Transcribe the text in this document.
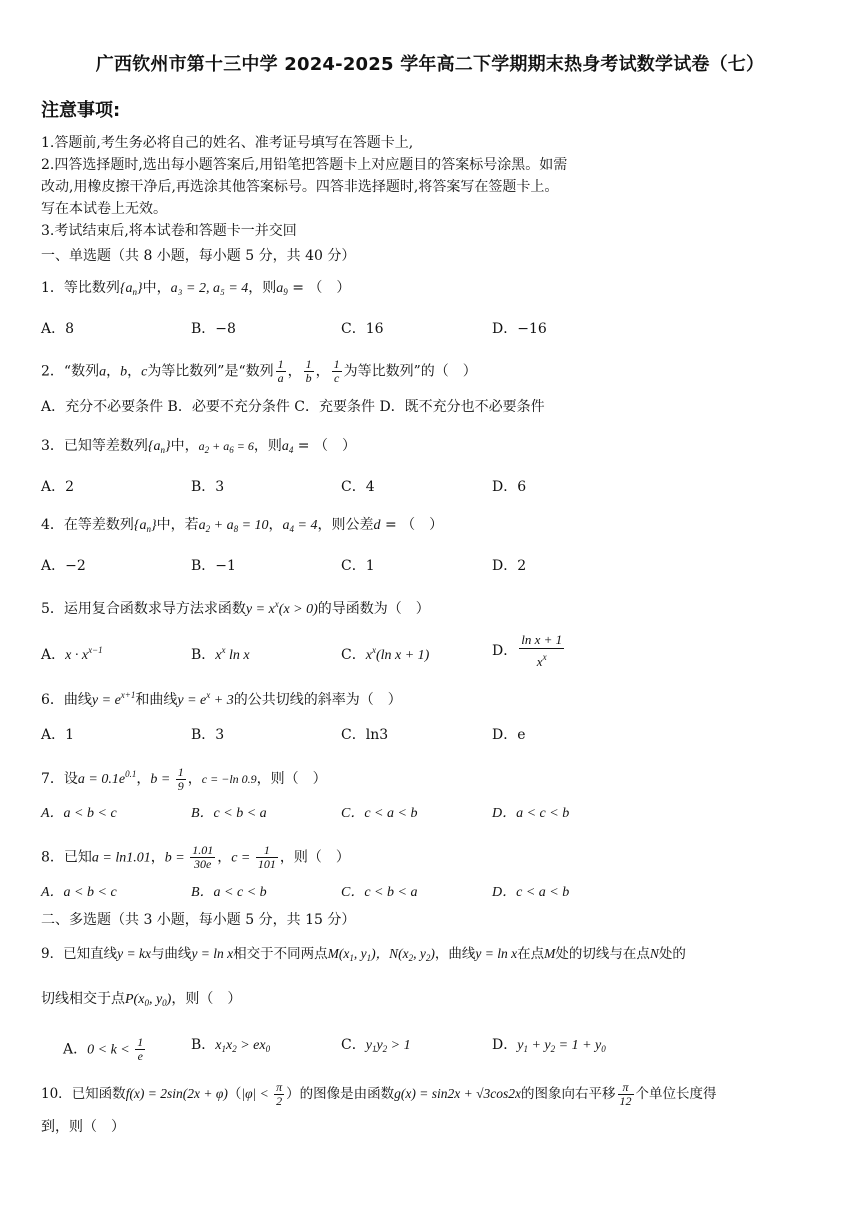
广西钦州市第十三中学 2024-2025 学年高二下学期期末热身考试数学试卷（七）
注意事项:
1.答题前,考生务必将自己的姓名、准考证号填写在答题卡上,
2.四答选择题时,选出每小题答案后,用铅笔把答题卡上对应题目的答案标号涂黑。如需
改动,用橡皮擦干净后,再选涂其他答案标号。四答非选择题时,将答案写在签题卡上。
写在本试卷上无效。
3.考试结束后,将本试卷和答题卡一并交回
一、单选题（共 8 小题，每小题 5 分，共 40 分）
1．等比数列$\{a_n\}$中，a₃ = 2, a₅ = 4，则$a_9$ = （　）
A．8	B．−8	C．16	D．−16
2．“数列a，b，c为等比数列”是“数列 $\frac{1}{a}$ ， $\frac{1}{b}$ ， $\frac{1}{c}$ 为等比数列”的（　）
A．充分不必要条件 B．必要不充分条件 C．充要条件 D．既不充分也不必要条件
3．已知等差数列$\{a_n\}$中，$a_2 + a_6 = 6$，则$a_4$ = （　）
A．2	B．3	C．4	D．6
4．在等差数列$\{a_n\}$中，若$a_2 + a_8 = 10$，$a_4 = 4$，则公差d = （　）
A．−2	B．−1	C．1	D．2
5．运用复合函数求导方法求函数$y = x^x(x > 0)$的导函数为（　）
A．$x \cdot x^{x-1}$	B．$x^x$ ln x	C．$x^x(\ln$ x + 1)	D． $\frac{\text{ln x + 1}}{x^x}$
6．曲线$y = e^{x+1}$和曲线$y = e^x + 3$的公共切线的斜率为（　）
A．1	B．3	C．ln3	D．e
7．设$a = 0.1e^{0.1}$，$b = \frac{1}{9}$ ，c = −ln 0.9，则（　）
A．a < b < c	B．c < b < a	C．c < a < b	D．a < c < b
8．已知a = ln1.01，$b = \frac{1.01}{30e}$ ，$c = \frac{1}{101}$ ，则（　）
A．a < b < c	B．a < c < b	C．c < b < a	D．c < a < b
二、多选题（共 3 小题，每小题 5 分，共 15 分）
9．已知直线y = kx与曲线y = ln x相交于不同两点$M(x_1$, $y_1$)，$N(x_2$, $y_2$)，曲线y = ln x在点M处的切线与在点N处的
切线相交于点$P(x_0$, $y_0$)，则（　）
A．$0 < k < \frac{1}{e}$	B．$x_1x_2 > ex_0$	C．$y_1y_2 > 1$	D．$y_1 + y_2 = 1 + y_0$
10．已知函数$f(x) = 2\sin(2x + \varphi)(|\varphi| < \frac{\pi}{2}$ ）的图像是由函数g(x) = sin2x + √3cos2x的图象向右平移 $\frac{\pi}{12}$ 个单位长度得
到，则（　）
